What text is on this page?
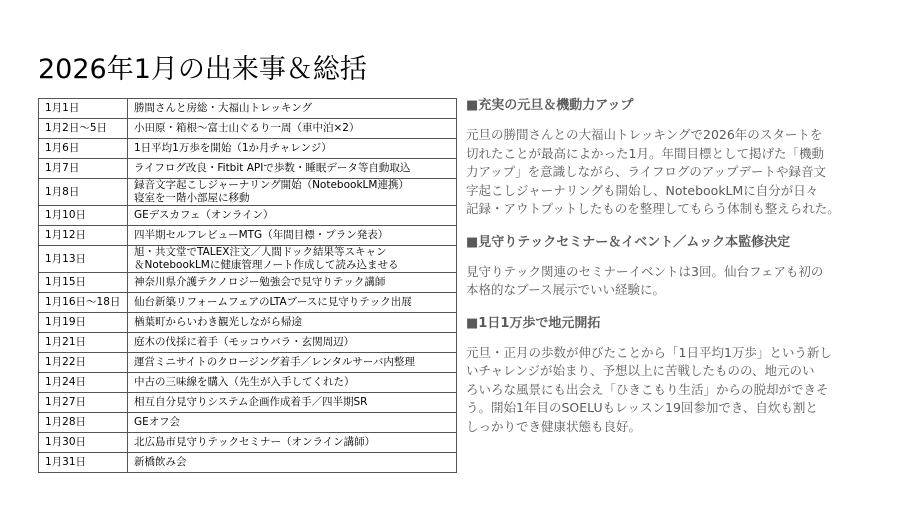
2026年1月の出来事＆総括
1月1日	勝間さんと房総・大福山トレッキング

1月2日～5日	小田原・箱根～富士山ぐるり一周（車中泊×2）

1月6日	1日平均1万歩を開始（1か月チャレンジ）

1月7日	ライフログ改良・Fitbit APIで歩数・睡眠データ等自動取込

1月8日	録音文字起こしジャーナリング開始（NotebookLM連携）
寝室を一階小部屋に移動

1月10日	GEデスカフェ（オンライン）

1月12日	四半期セルフレビューMTG（年間目標・プラン発表）

1月13日	旭・共文堂でTALEX注文／人間ドック結果等スキャン
＆NotebookLMに健康管理ノート作成して読み込ませる

1月15日	神奈川県介護テクノロジー勉強会で見守りテック講師

1月16日～18日	仙台新築リフォームフェアのLTAブースに見守りテック出展

1月19日	楢葉町からいわき観光しながら帰途

1月21日	庭木の伐採に着手（モッコウバラ・玄関周辺）

1月22日	運営ミニサイトのクロージング着手／レンタルサーバ内整理

1月24日	中古の三味線を購入（先生が入手してくれた）

1月27日	相互自分見守りシステム企画作成着手／四半期SR

1月28日	GEオフ会

1月30日	北広島市見守りテックセミナー（オンライン講師）

1月31日	新橋飲み会
■充実の元旦＆機動力アップ
元旦の勝間さんとの大福山トレッキングで2026年のスタートを
切れたことが最高によかった1月。年間目標として掲げた「機動
力アップ」を意識しながら、ライフログのアップデートや録音文
字起こしジャーナリングも開始し、NotebookLMに自分が日々
記録・アウトプットしたものを整理してもらう体制も整えられた。
■見守りテックセミナー＆イベント／ムック本監修決定
見守りテック関連のセミナーイベントは3回。仙台フェアも初の
本格的なブース展示でいい経験に。
■1日1万歩で地元開拓
元旦・正月の歩数が伸びたことから「1日平均1万歩」という新し
いチャレンジが始まり、予想以上に苦戦したものの、地元のい
ろいろな風景にも出会え「ひきこもり生活」からの脱却ができそ
う。開始1年目のSOELUもレッスン19回参加でき、自炊も割と
しっかりでき健康状態も良好。
